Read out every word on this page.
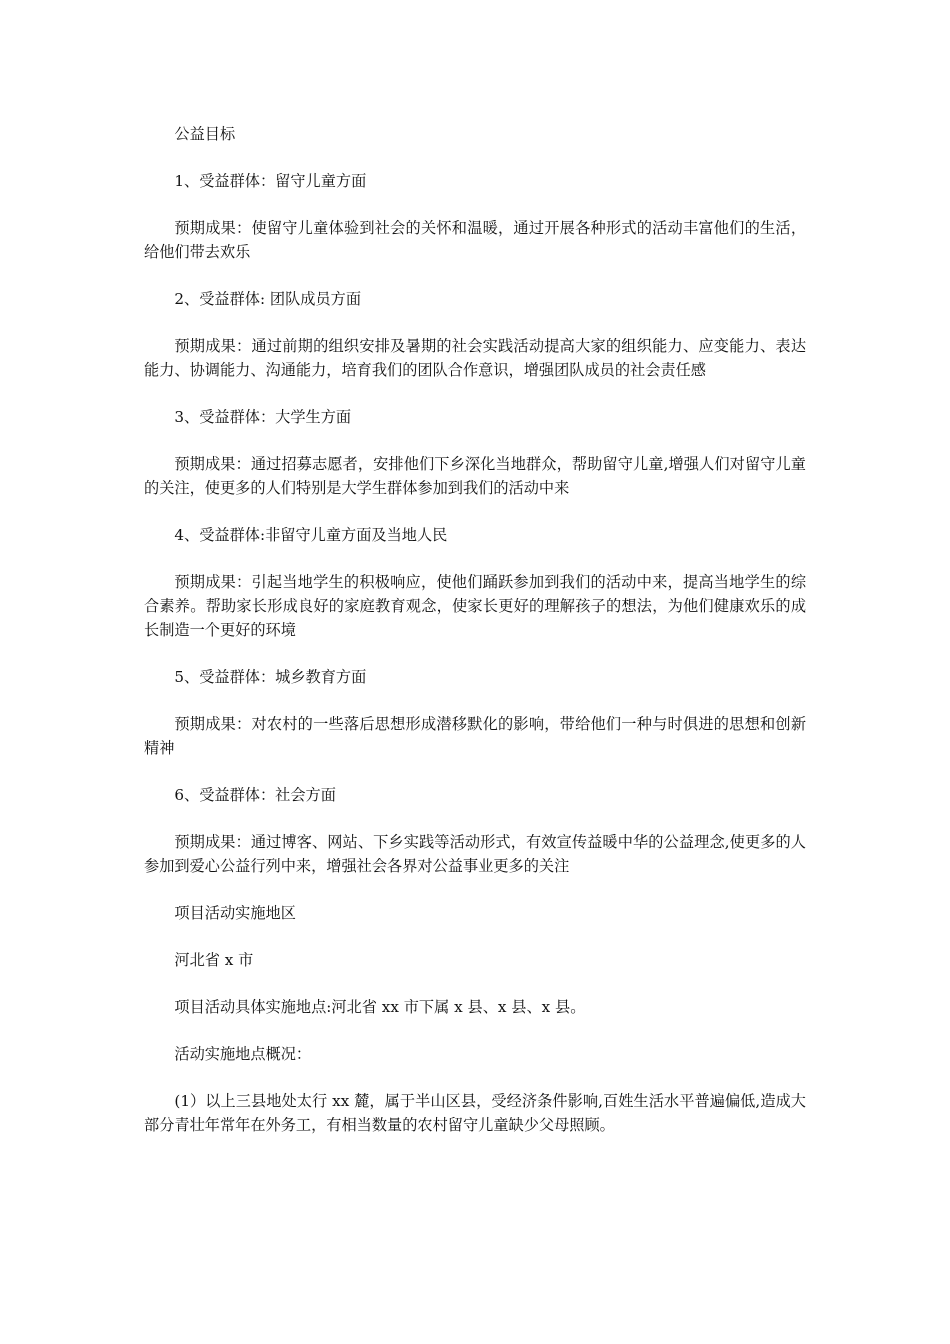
公益目标

1、受益群体：留守儿童方面

预期成果：使留守儿童体验到社会的关怀和温暖，通过开展各种形式的活动丰富他们的生活，给他们带去欢乐

2、受益群体: 团队成员方面

预期成果：通过前期的组织安排及暑期的社会实践活动提高大家的组织能力、应变能力、表达能力、协调能力、沟通能力，培育我们的团队合作意识，增强团队成员的社会责任感

3、受益群体：大学生方面

预期成果：通过招募志愿者，安排他们下乡深化当地群众，帮助留守儿童,增强人们对留守儿童的关注，使更多的人们特别是大学生群体参加到我们的活动中来

4、受益群体:非留守儿童方面及当地人民

预期成果：引起当地学生的积极响应，使他们踊跃参加到我们的活动中来，提高当地学生的综合素养。帮助家长形成良好的家庭教育观念，使家长更好的理解孩子的想法，为他们健康欢乐的成长制造一个更好的环境

5、受益群体：城乡教育方面

预期成果：对农村的一些落后思想形成潜移默化的影响，带给他们一种与时俱进的思想和创新精神

6、受益群体：社会方面

预期成果：通过博客、网站、下乡实践等活动形式，有效宣传益暖中华的公益理念,使更多的人参加到爱心公益行列中来，增强社会各界对公益事业更多的关注

项目活动实施地区

河北省 x 市

项目活动具体实施地点:河北省 xx 市下属 x 县、x 县、x 县。

活动实施地点概况：

(1）以上三县地处太行 xx 麓，属于半山区县，受经济条件影响,百姓生活水平普遍偏低,造成大部分青壮年常年在外务工，有相当数量的农村留守儿童缺少父母照顾。
